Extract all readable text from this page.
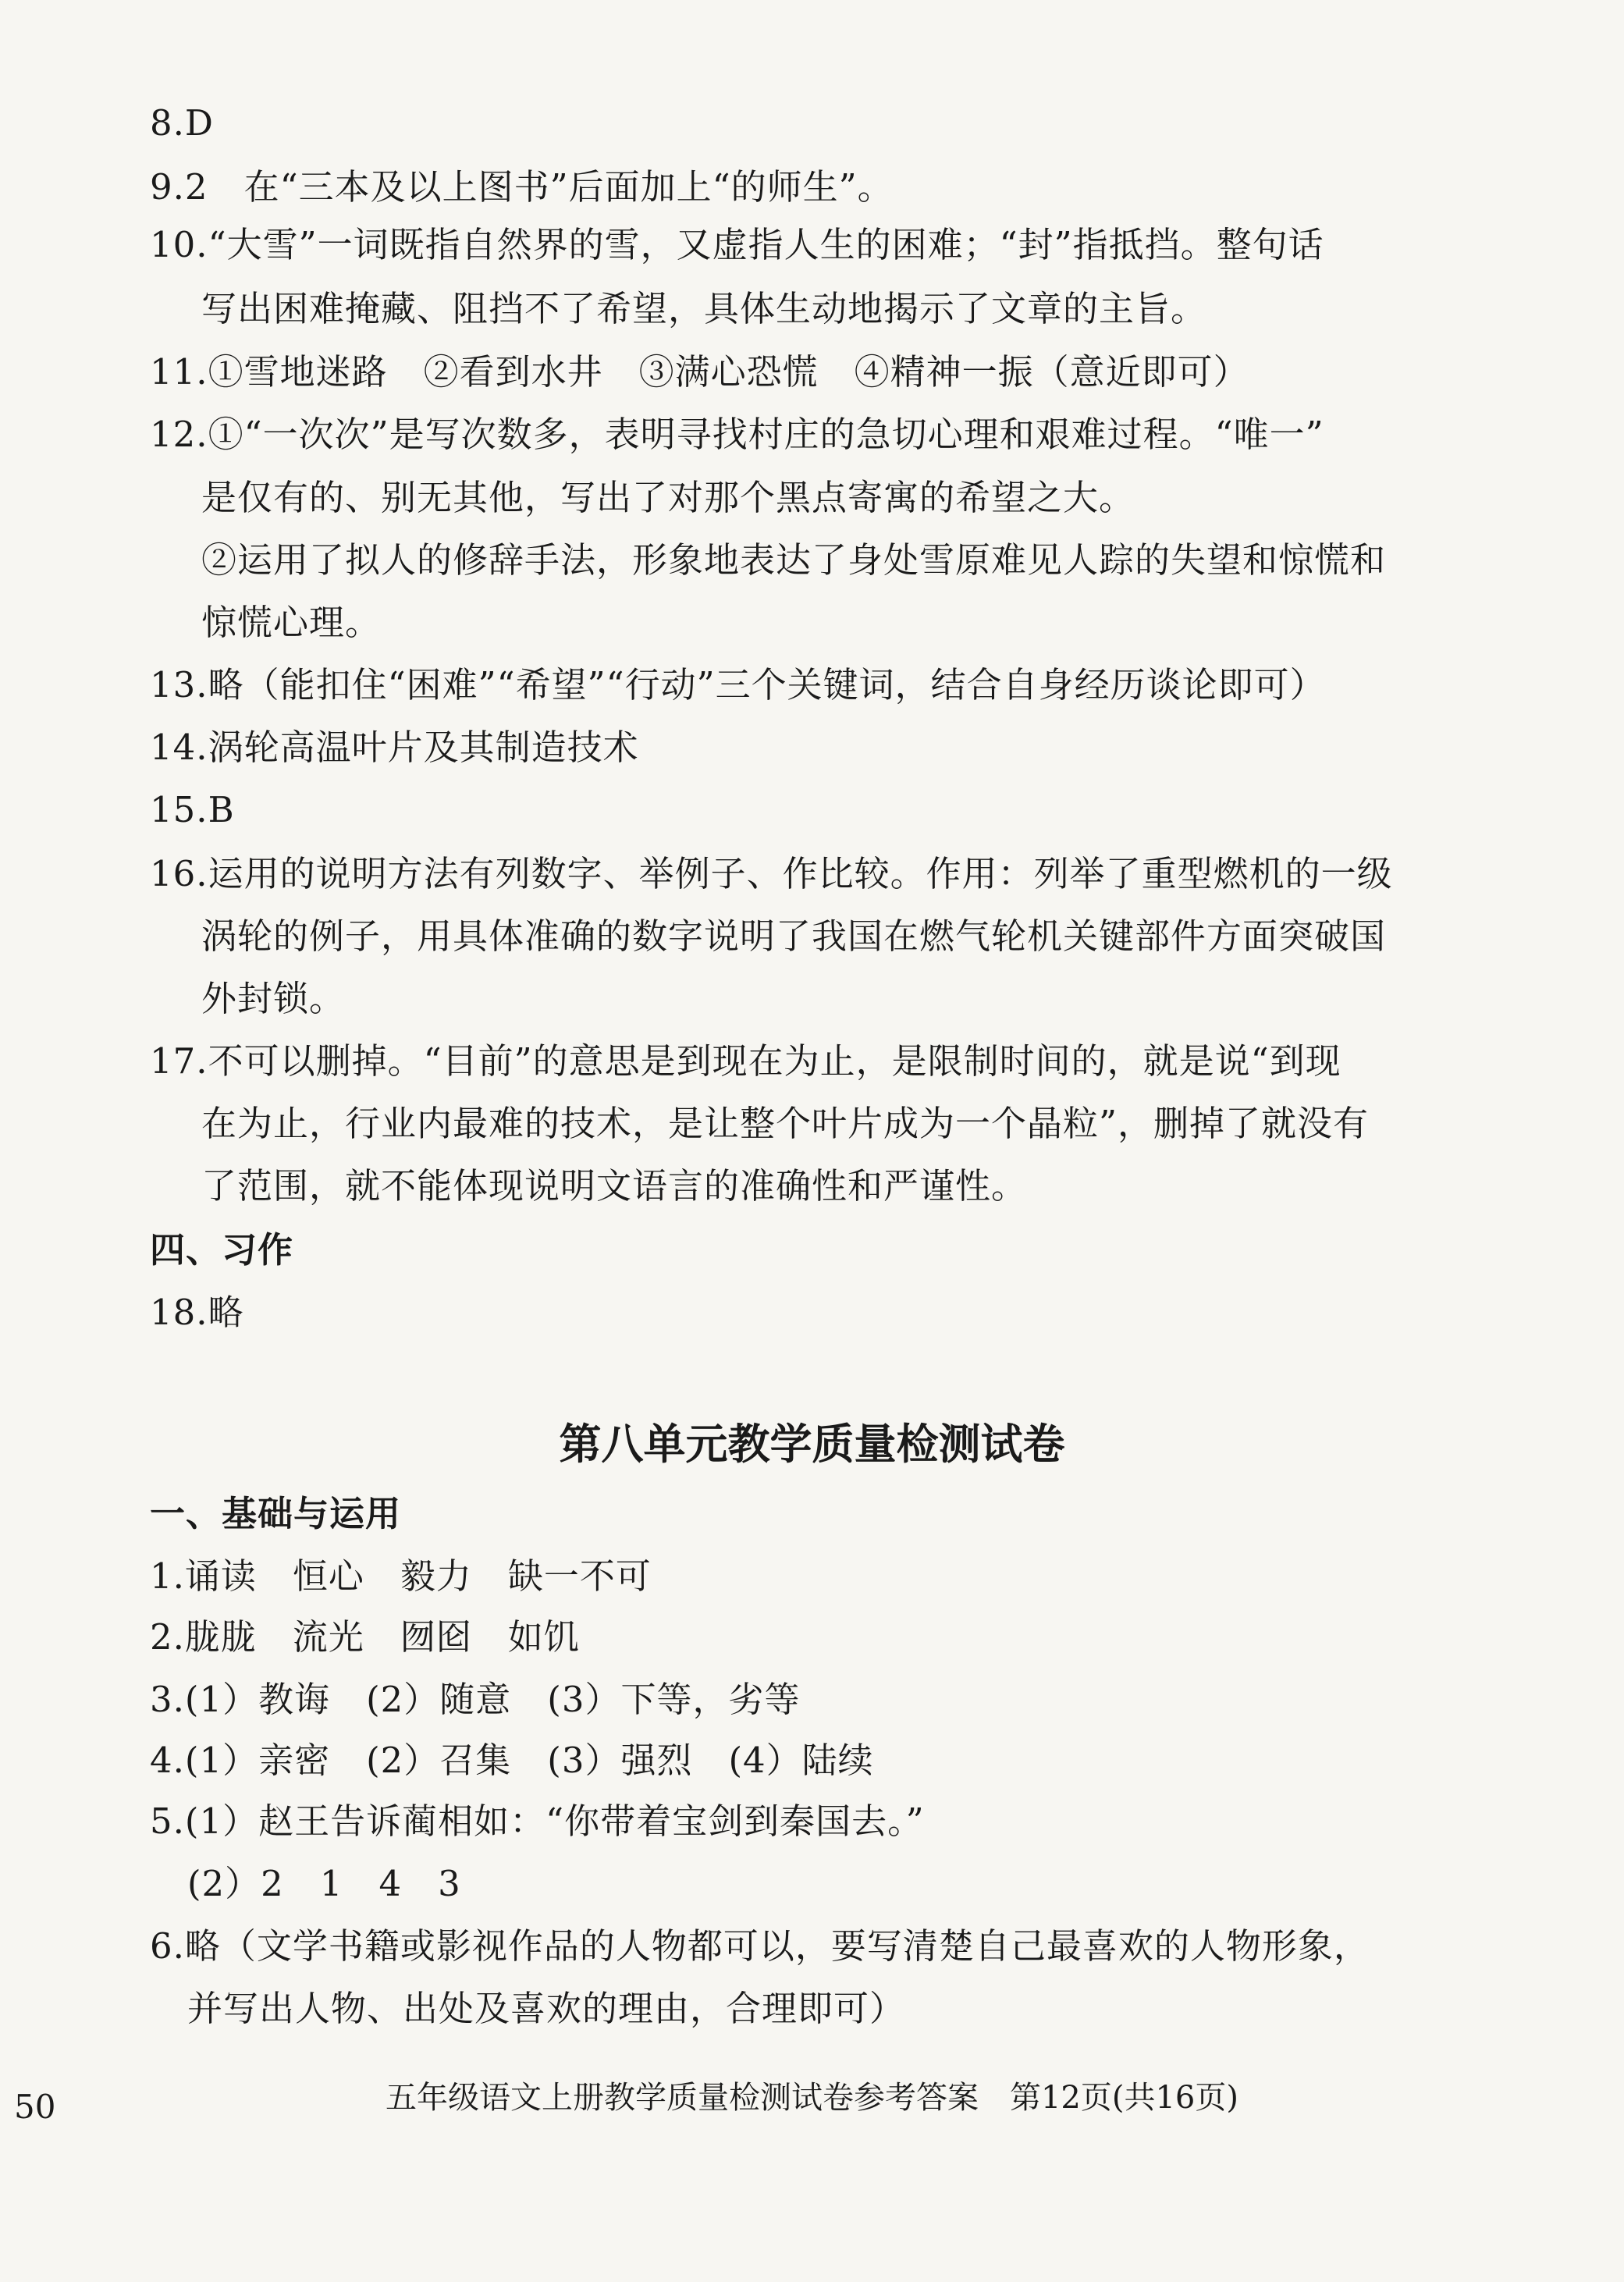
8.D
9.2　在“三本及以上图书”后面加上“的师生”。
10.“大雪”一词既指自然界的雪，又虚指人生的困难；“封”指抵挡。整句话
写出困难掩藏、阻挡不了希望，具体生动地揭示了文章的主旨。
11.①雪地迷路　②看到水井　③满心恐慌　④精神一振（意近即可）
12.①“一次次”是写次数多，表明寻找村庄的急切心理和艰难过程。“唯一”
是仅有的、别无其他，写出了对那个黑点寄寓的希望之大。
②运用了拟人的修辞手法，形象地表达了身处雪原难见人踪的失望和惊慌和
惊慌心理。
13.略（能扣住“困难”“希望”“行动”三个关键词，结合自身经历谈论即可）
14.涡轮高温叶片及其制造技术
15.B
16.运用的说明方法有列数字、举例子、作比较。作用：列举了重型燃机的一级
涡轮的例子，用具体准确的数字说明了我国在燃气轮机关键部件方面突破国
外封锁。
17.不可以删掉。“目前”的意思是到现在为止，是限制时间的，就是说“到现
在为止，行业内最难的技术，是让整个叶片成为一个晶粒”，删掉了就没有
了范围，就不能体现说明文语言的准确性和严谨性。
四、习作
18.略
第八单元教学质量检测试卷
一、基础与运用
1.诵读　恒心　毅力　缺一不可
2.胧胧　流光　囫囵　如饥
3.(1）教诲　(2）随意　(3）下等，劣等
4.(1）亲密　(2）召集　(3）强烈　(4）陆续
5.(1）赵王告诉蔺相如：“你带着宝剑到秦国去。”
(2）2　1　4　3
6.略（文学书籍或影视作品的人物都可以，要写清楚自己最喜欢的人物形象，
并写出人物、出处及喜欢的理由，合理即可）
50	五年级语文上册教学质量检测试卷参考答案　第12页(共16页)
